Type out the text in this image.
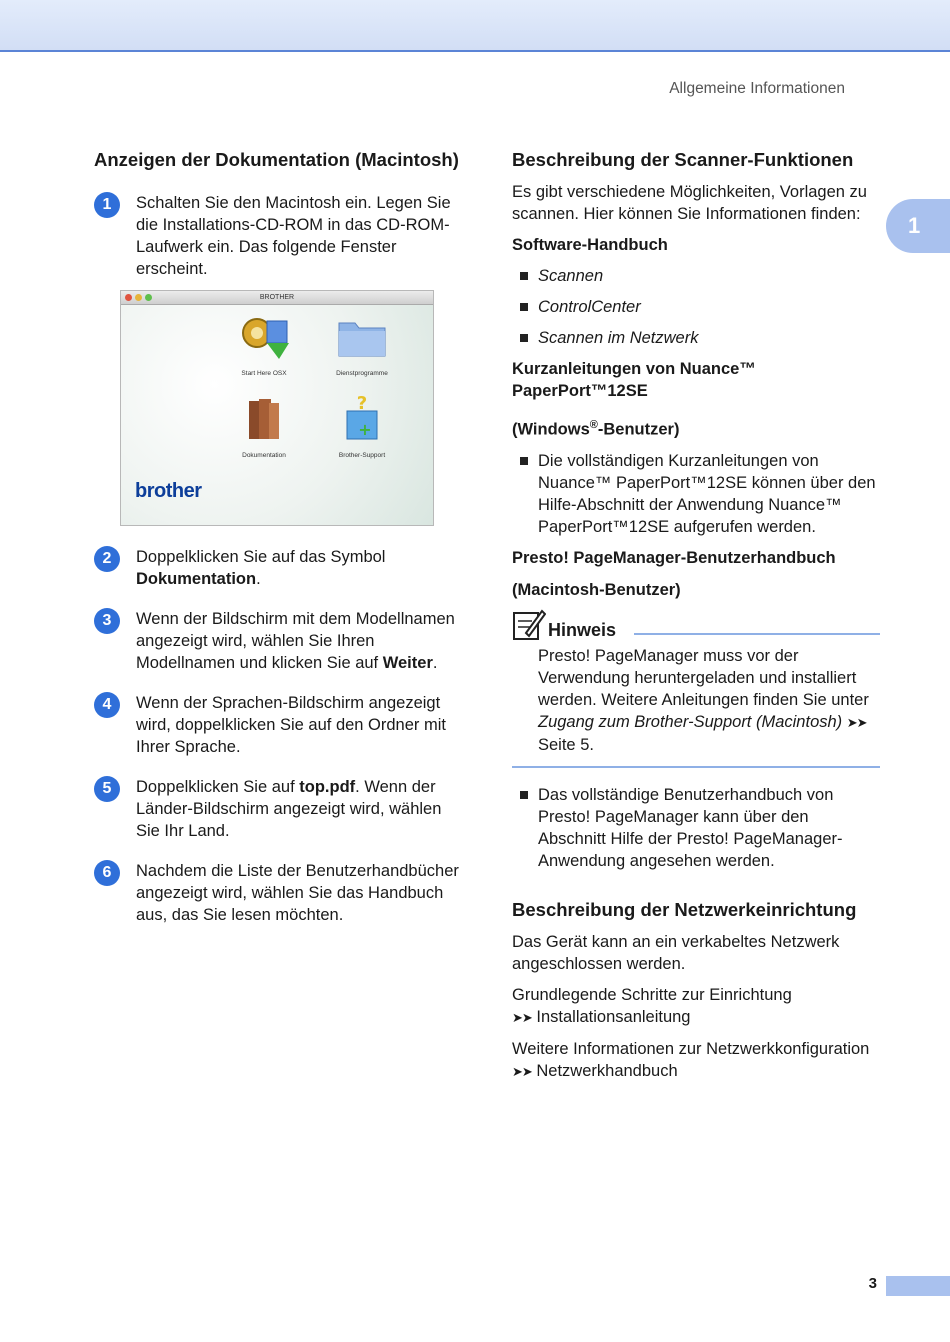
Allgemeine Informationen
1
Anzeigen der Dokumentation (Macintosh)
1	Schalten Sie den Macintosh ein. Legen Sie die Installations-CD-ROM in das CD-ROM-Laufwerk ein. Das folgende Fenster erscheint.
BROTHER
Start Here OSX	Dienstprogramme
Dokumentation
?
+
Brother-Support
brother
2	Doppelklicken Sie auf das Symbol Dokumentation.
3	Wenn der Bildschirm mit dem Modellnamen angezeigt wird, wählen Sie Ihren Modellnamen und klicken Sie auf Weiter.
4	Wenn der Sprachen-Bildschirm angezeigt wird, doppelklicken Sie auf den Ordner mit Ihrer Sprache.
5	Doppelklicken Sie auf top.pdf. Wenn der Länder-Bildschirm angezeigt wird, wählen Sie Ihr Land.
6	Nachdem die Liste der Benutzerhandbücher angezeigt wird, wählen Sie das Handbuch aus, das Sie lesen möchten.
Beschreibung der Scanner-Funktionen

Es gibt verschiedene Möglichkeiten, Vorlagen zu scannen. Hier können Sie Informationen finden:

Software-Handbuch

Scannen
ControlCenter
Scannen im Netzwerk

Kurzanleitungen von Nuance™ PaperPort™12SE

(Windows®-Benutzer)

Die vollständigen Kurzanleitungen von Nuance™ PaperPort™12SE können über den Hilfe-Abschnitt der Anwendung Nuance™ PaperPort™12SE aufgerufen werden.

Presto! PageManager-Benutzerhandbuch

(Macintosh-Benutzer)

Hinweis
Presto! PageManager muss vor der Verwendung heruntergeladen und installiert werden. Weitere Anleitungen finden Sie unter Zugang zum Brother-Support (Macintosh) ➤➤ Seite 5.
Das vollständige Benutzerhandbuch von Presto! PageManager kann über den Abschnitt Hilfe der Presto! PageManager-Anwendung angesehen werden.
Beschreibung der Netzwerkeinrichtung

Das Gerät kann an ein verkabeltes Netzwerk angeschlossen werden.

Grundlegende Schritte zur Einrichtung
➤➤ Installationsanleitung

Weitere Informationen zur Netzwerkkonfiguration
➤➤ Netzwerkhandbuch

3
